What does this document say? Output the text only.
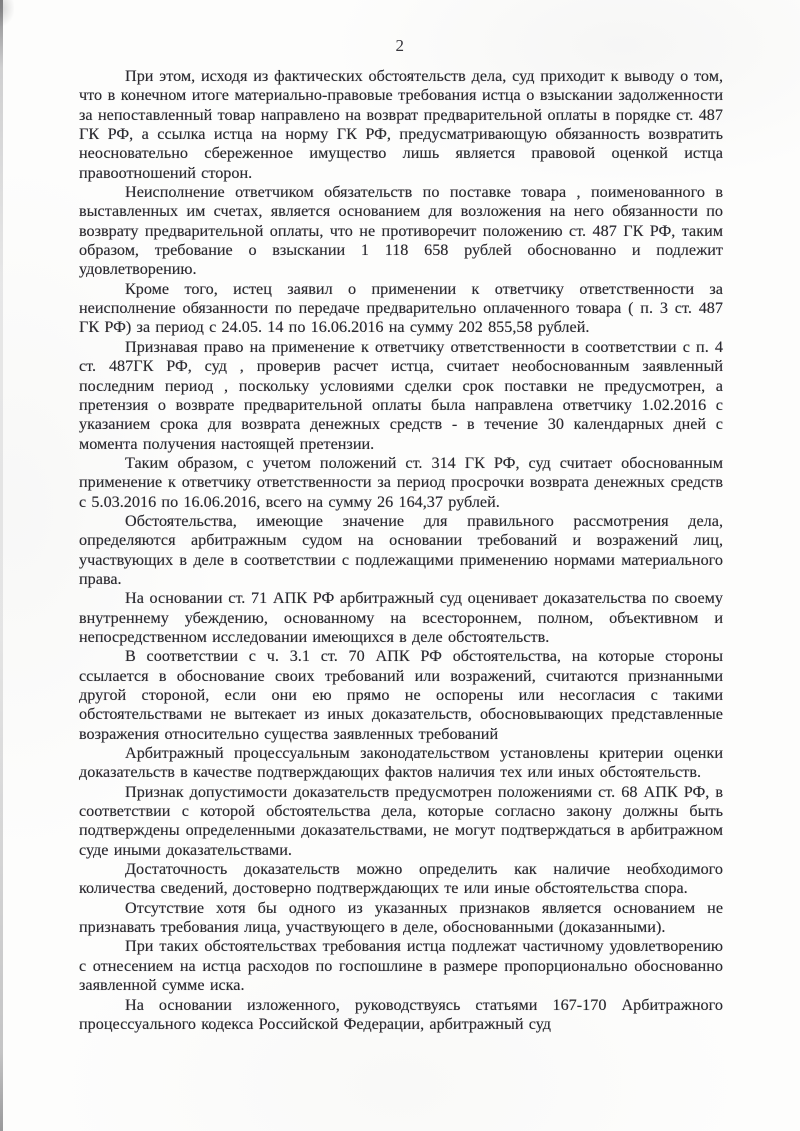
2

При этом, исходя из фактических обстоятельств дела, суд приходит к выводу о том, что в конечном итоге материально-правовые требования истца о взыскании задолженности за непоставленный товар направлено на возврат предварительной оплаты в порядке ст. 487 ГК РФ, а ссылка истца на норму ГК РФ, предусматривающую обязанность возвратить неосновательно сбереженное имущество лишь является правовой оценкой истца правоотношений сторон.

Неисполнение ответчиком обязательств по поставке товара , поименованного в выставленных им счетах, является основанием для возложения на него обязанности по возврату предварительной оплаты, что не противоречит положению ст. 487 ГК РФ, таким образом, требование о взыскании 1 118 658 рублей обоснованно и подлежит удовлетворению.

Кроме того, истец заявил о применении к ответчику ответственности за неисполнение обязанности по передаче предварительно оплаченного товара ( п. 3 ст. 487 ГК РФ) за период с 24.05. 14 по 16.06.2016 на сумму 202 855,58 рублей.

Признавая право на применение к ответчику ответственности в соответствии с п. 4 ст. 487ГК РФ, суд , проверив расчет истца, считает необоснованным заявленный последним период , поскольку условиями сделки срок поставки не предусмотрен, а претензия о возврате предварительной оплаты была направлена ответчику 1.02.2016 с указанием срока для возврата денежных средств - в течение 30 календарных дней с момента получения настоящей претензии.

Таким образом, с учетом положений ст. 314 ГК РФ, суд считает обоснованным применение к ответчику ответственности за период просрочки возврата денежных средств с 5.03.2016 по 16.06.2016, всего на сумму 26 164,37 рублей.

Обстоятельства, имеющие значение для правильного рассмотрения дела, определяются арбитражным судом на основании требований и возражений лиц, участвующих в деле в соответствии с подлежащими применению нормами материального права.

На основании ст. 71 АПК РФ арбитражный суд оценивает доказательства по своему внутреннему убеждению, основанному на всестороннем, полном, объективном и непосредственном исследовании имеющихся в деле обстоятельств.

В соответствии с ч. 3.1 ст. 70 АПК РФ обстоятельства, на которые стороны ссылается в обоснование своих требований или возражений, считаются признанными другой стороной, если они ею прямо не оспорены или несогласия с такими обстоятельствами не вытекает из иных доказательств, обосновывающих представленные возражения относительно существа заявленных требований

Арбитражный процессуальным законодательством установлены критерии оценки доказательств в качестве подтверждающих фактов наличия тех или иных обстоятельств.

Признак допустимости доказательств предусмотрен положениями ст. 68 АПК РФ, в соответствии с которой обстоятельства дела, которые согласно закону должны быть подтверждены определенными доказательствами, не могут подтверждаться в арбитражном суде иными доказательствами.

Достаточность доказательств можно определить как наличие необходимого количества сведений, достоверно подтверждающих те или иные обстоятельства спора.

Отсутствие хотя бы одного из указанных признаков является основанием не признавать требования лица, участвующего в деле, обоснованными (доказанными).

При таких обстоятельствах требования истца подлежат частичному удовлетворению с отнесением на истца расходов по госпошлине в размере пропорционально обоснованно заявленной сумме иска.

На основании изложенного, руководствуясь статьями 167-170 Арбитражного процессуального кодекса Российской Федерации, арбитражный суд
